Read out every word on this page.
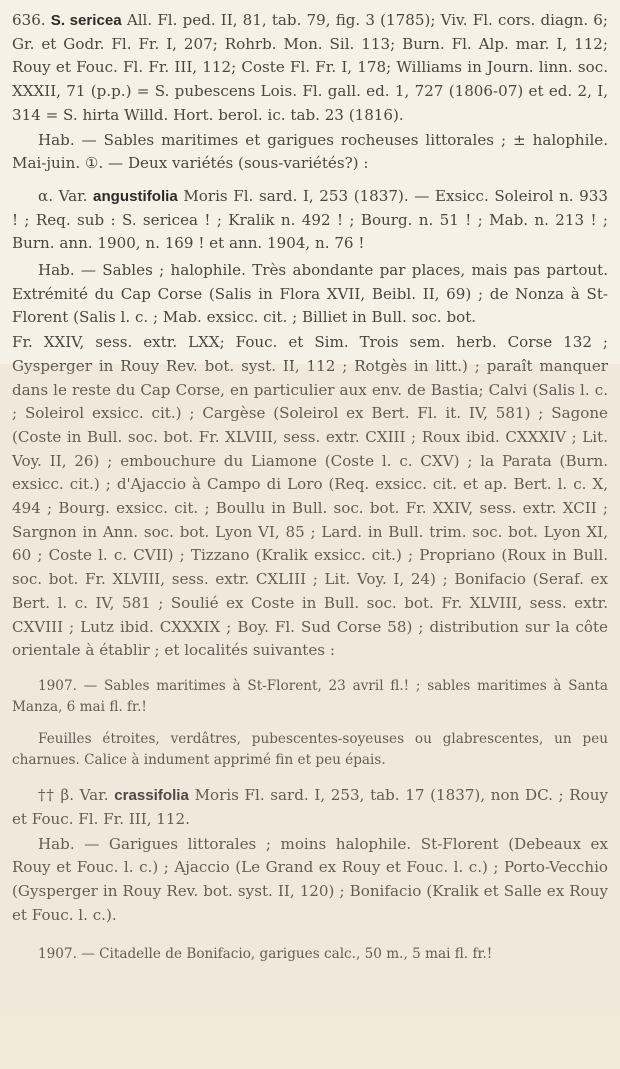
636. S. sericea All. Fl. ped. II, 81, tab. 79, fig. 3 (1785); Viv. Fl. cors. diagn. 6; Gr. et Godr. Fl. Fr. I, 207; Rohrb. Mon. Sil. 113; Burn. Fl. Alp. mar. I, 112; Rouy et Fouc. Fl. Fr. III, 112; Coste Fl. Fr. I, 178; Williams in Journ. linn. soc. XXXII, 71 (p.p.) = S. pubescens Lois. Fl. gall. ed. 1, 727 (1806-07) et ed. 2, I, 314 = S. hirta Willd. Hort. berol. ic. tab. 23 (1816).

Hab. — Sables maritimes et garigues rocheuses littorales ; ± halophile. Mai-juin. ①. — Deux variétés (sous-variétés?) :

α. Var. angustifolia Moris Fl. sard. I, 253 (1837). — Exsicc. Soleirol n. 933 ! ; Req. sub : S. sericea ! ; Kralik n. 492 ! ; Bourg. n. 51 ! ; Mab. n. 213 ! ; Burn. ann. 1900, n. 169 ! et ann. 1904, n. 76 !

Hab. — Sables ; halophile. Très abondante par places, mais pas partout. Extrémité du Cap Corse (Salis in Flora XVII, Beibl. II, 69) ; de Nonza à St-Florent (Salis l. c. ; Mab. exsicc. cit. ; Billiet in Bull. soc. bot.

Fr. XXIV, sess. extr. LXX; Fouc. et Sim. Trois sem. herb. Corse 132 ; Gysperger in Rouy Rev. bot. syst. II, 112 ; Rotgès in litt.) ; paraît manquer dans le reste du Cap Corse, en particulier aux env. de Bastia; Calvi (Salis l. c. ; Soleirol exsicc. cit.) ; Cargèse (Soleirol ex Bert. Fl. it. IV, 581) ; Sagone (Coste in Bull. soc. bot. Fr. XLVIII, sess. extr. CXIII ; Roux ibid. CXXXIV ; Lit. Voy. II, 26) ; embouchure du Liamone (Coste l. c. CXV) ; la Parata (Burn. exsicc. cit.) ; d'Ajaccio à Campo di Loro (Req. exsicc. cit. et ap. Bert. l. c. X, 494 ; Bourg. exsicc. cit. ; Boullu in Bull. soc. bot. Fr. XXIV, sess. extr. XCII ; Sargnon in Ann. soc. bot. Lyon VI, 85 ; Lard. in Bull. trim. soc. bot. Lyon XI, 60 ; Coste l. c. CVII) ; Tizzano (Kralik exsicc. cit.) ; Propriano (Roux in Bull. soc. bot. Fr. XLVIII, sess. extr. CXLIII ; Lit. Voy. I, 24) ; Bonifacio (Seraf. ex Bert. l. c. IV, 581 ; Soulié ex Coste in Bull. soc. bot. Fr. XLVIII, sess. extr. CXVIII ; Lutz ibid. CXXXIX ; Boy. Fl. Sud Corse 58) ; distribution sur la côte orientale à établir ; et localités suivantes :

1907. — Sables maritimes à St-Florent, 23 avril fl.! ; sables maritimes à Santa Manza, 6 mai fl. fr.!

Feuilles étroites, verdâtres, pubescentes-soyeuses ou glabrescentes, un peu charnues. Calice à indument apprimé fin et peu épais.

†† β. Var. crassifolia Moris Fl. sard. I, 253, tab. 17 (1837), non DC. ; Rouy et Fouc. Fl. Fr. III, 112.

Hab. — Garigues littorales ; moins halophile. St-Florent (Debeaux ex Rouy et Fouc. l. c.) ; Ajaccio (Le Grand ex Rouy et Fouc. l. c.) ; Porto-Vecchio (Gysperger in Rouy Rev. bot. syst. II, 120) ; Bonifacio (Kralik et Salle ex Rouy et Fouc. l. c.).

1907. — Citadelle de Bonifacio, garigues calc., 50 m., 5 mai fl. fr.!
